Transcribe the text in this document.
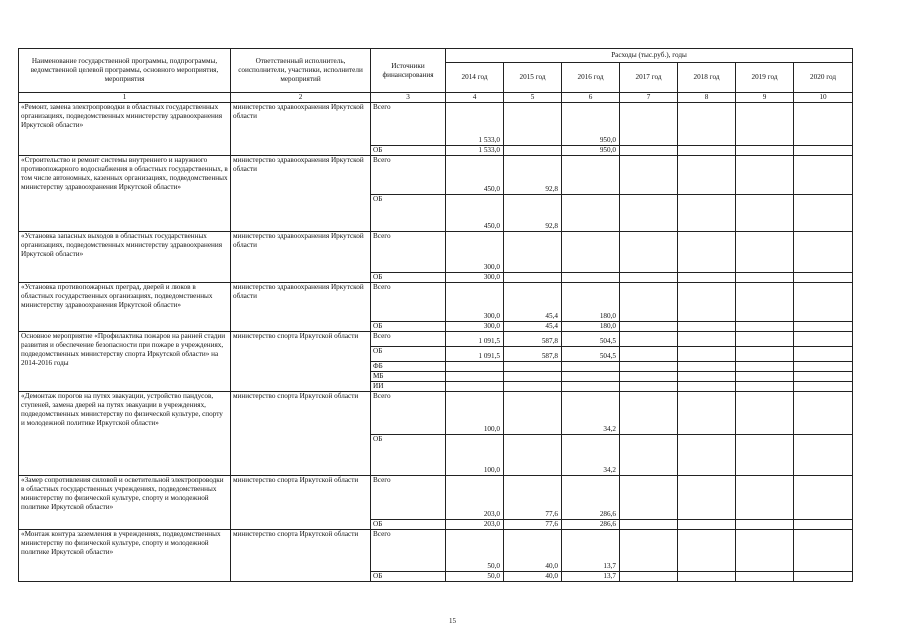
Наименование государственной программы, подпрограммы, ведомственной целевой программы, основного мероприятия, мероприятия	Ответственный исполнитель, соисполнители, участники, исполнители мероприятий	Источники финансирования	Расходы (тыс.руб.), годы						
			2014 год	2015 год	2016 год	2017 год	2018 год	2019 год	2020 год
1	2	3	4	5	6	7	8	9	10
«Ремонт, замена электропроводки в областных государственных организациях, подведомственных министерству здравоохранения Иркутской области»	министерство здравоохранения Иркутской области	Всего	1 533,0		950,0				
		ОБ	1 533,0		950,0				
«Строительство и ремонт системы внутреннего и наружного противопожарного водоснабжения в областных государственных, в том числе автономных, казенных организациях, подведомственных министерству здравоохранения Иркутской области»	министерство здравоохранения Иркутской области	Всего	450,0	92,8					
		ОБ	450,0	92,8					
«Установка запасных выходов в областных государственных организациях, подведомственных министерству здравоохранения Иркутской области»	министерство здравоохранения Иркутской области	Всего	300,0						
		ОБ	300,0						
«Установка противопожарных преград, дверей и люков в областных государственных организациях, подведомственных министерству здравоохранения Иркутской области»	министерство здравоохранения Иркутской области	Всего	300,0	45,4	180,0				
		ОБ	300,0	45,4	180,0				
Основное мероприятие «Профилактика пожаров на ранней стадии развития и обеспечение безопасности при пожаре в учреждениях, подведомственных министерству спорта Иркутской области» на 2014-2016 годы	министерство спорта Иркутской области	Всего	1 091,5	587,8	504,5				
		ОБ	1 091,5	587,8	504,5				
		ФБ							
		МБ							
		ИИ							
«Демонтаж порогов на путях эвакуации, устройство пандусов, ступеней, замена дверей на путях эвакуации в учреждениях, подведомственных министерству по физической культуре, спорту и молодежной политике Иркутской области»	министерство спорта Иркутской области	Всего	100,0		34,2				
		ОБ	100,0		34,2				
«Замер сопротивления силовой и осветительной электропроводки в областных государственных учреждениях, подведомственных министерству по физической культуре, спорту и молодежной политике Иркутской области»	министерство спорта Иркутской области	Всего	203,0	77,6	286,6				
		ОБ	203,0	77,6	286,6				
«Монтаж контура заземления в учреждениях, подведомственных министерству по физической культуре, спорту и молодежной политике Иркутской области»	министерство спорта Иркутской области	Всего	50,0	40,0	13,7				
		ОБ	50,0	40,0	13,7				
15
